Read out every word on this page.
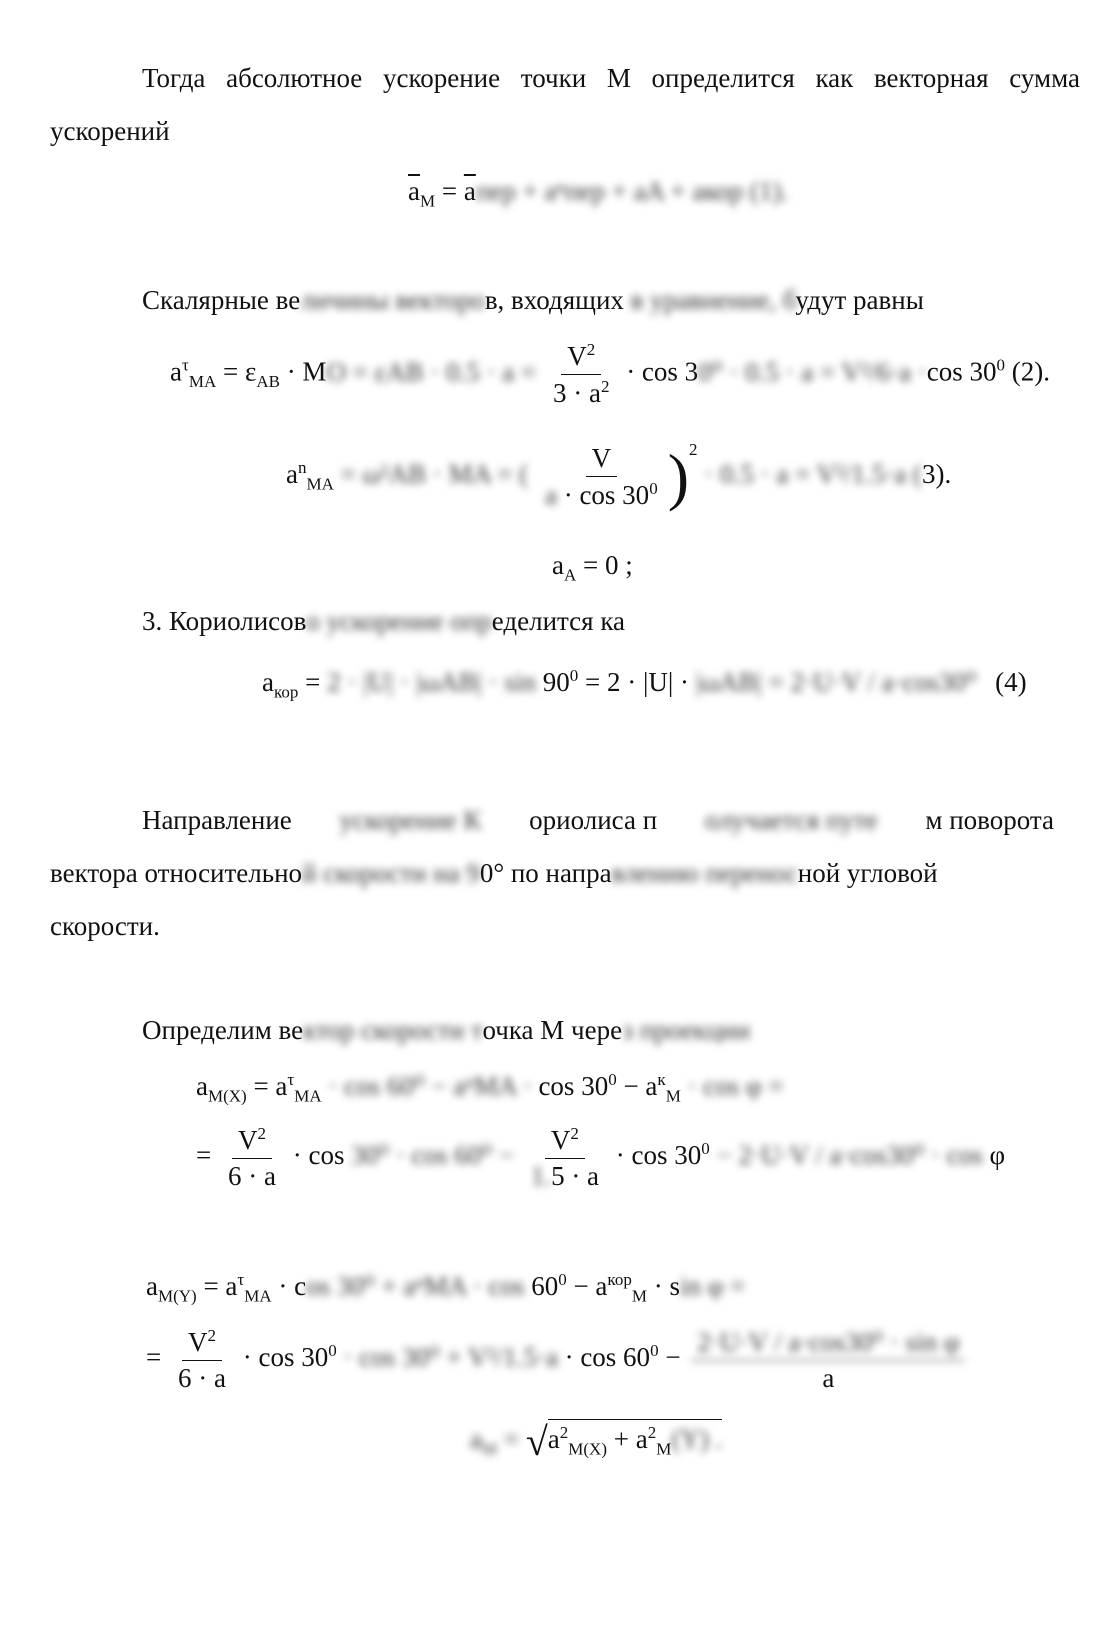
Тогда абсолютное ускорение точки М определится как векторная сумма ускорений
$\overline{a}_M = \overline{a}пер + a^nпер$ + aA + aкор (1).
Скалярные величины векторов, входящих в уравнение, будут равны
$a^\tau_{MA} = \varepsilon_{AB}$ · MO = $\varepsilon AB \cdot 0.5 \cdot a = \frac{V^2}{3 \cdot a^2} \cdot \cos 30^0 \cdot 0.5 \cdot a = V^2/6\cdot a \cdot\cos$ $30^0$ (2).
$a^n_{MA} = \omega^2AB$ · MA = ( $\frac{V}{a \cdot \cos 30^0} )^2 \cdot 0.5 \cdot a = V^2/1.5\cdot a$ (3).
$a_A = 0$ ;
3. Кориолисово ускорение определится ка
$a_{кор} = 2 \cdot |U| \cdot |\omega AB| \cdot \sin 90^0 = 2 \cdot |U| \cdot |\omega AB| = 2\cdot U\cdot V / a\cdot\cos 30^0$ (4)
Направление ускорение К ориолиса п олучается путе м поворота
вектора относительной скорости на 90° по направлению переносной угловой
скорости.
Определим вектор скорости точка М через проекции
$a_{M(X)} = a^\tau_{MA} \cdot \cos 60^0 - a^nMA \cdot \cos 30^0 - a^к_M \cdot \cos \varphi$ =
= $\frac{V^2}{6 \cdot a} \cdot \cos 30^0 \cdot \cos 60^0 - \frac{V^2}{1.5 \cdot a} \cdot \cos 30^0 - 2\cdot U\cdot V / a\cdot\cos 30^0 \cdot \cos \varphi$
$a_{M(Y)} = a^\tau_{MA} \cdot \cos 30^0 + a^nMA \cdot \cos 60^0 - a^{кор}_M \cdot \sin \varphi$ =
= $\frac{V^2}{6 \cdot a} \cdot \cos 30^0 \cdot \cos 30^0 + V^2/1.5\cdot a \cdot \cos 60^0 - \frac{\text{2·U·V / a·cos30⁰ · sin φ}}{a}$
$a_M = √a^2_{M(X)} + a^2_M(Y)$ .
